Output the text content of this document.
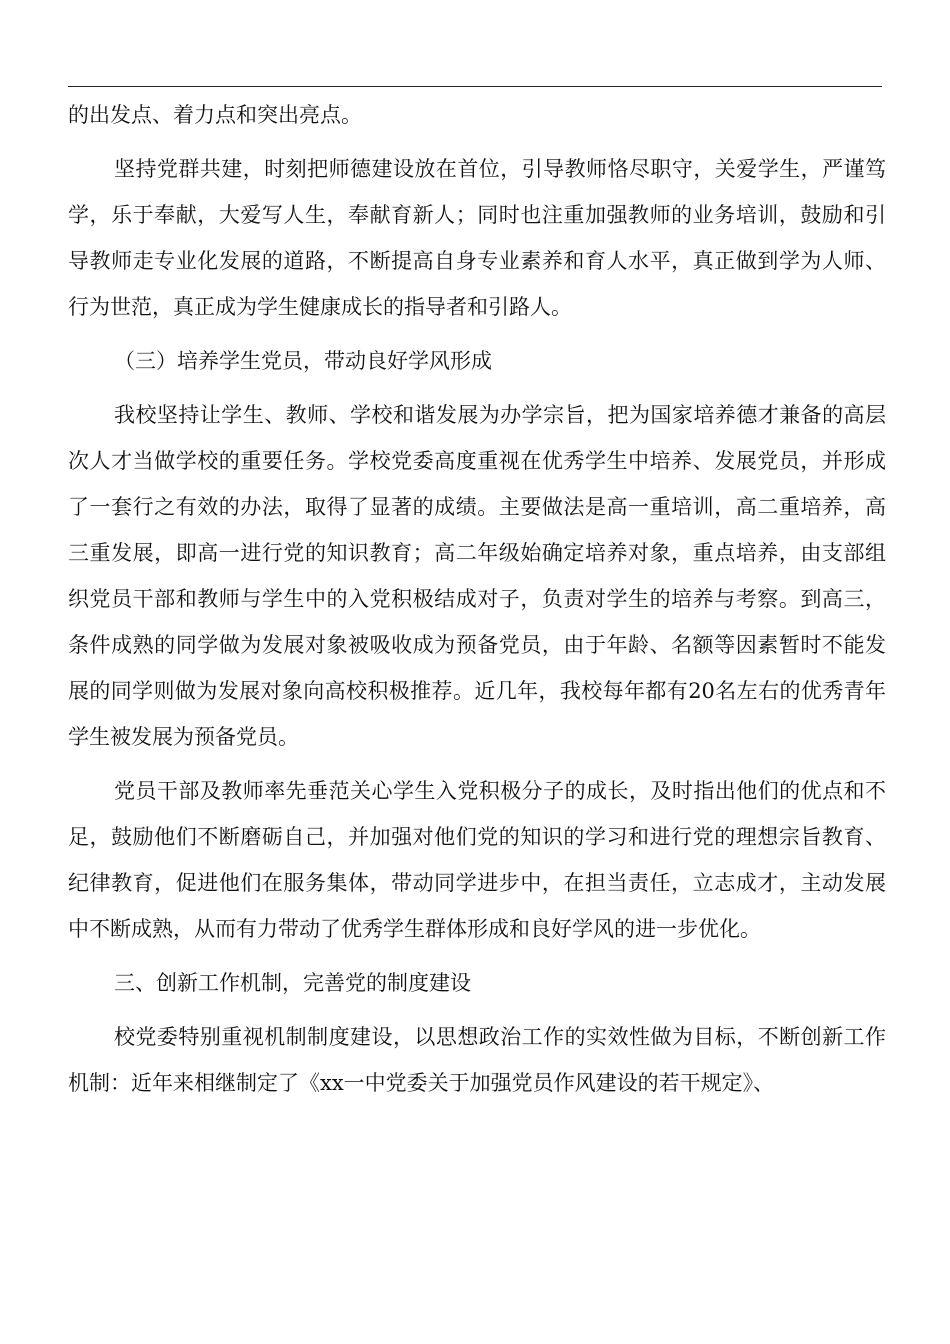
的出发点、着力点和突出亮点。

坚持党群共建，时刻把师德建设放在首位，引导教师恪尽职守，关爱学生，严谨笃学，乐于奉献，大爱写人生，奉献育新人；同时也注重加强教师的业务培训，鼓励和引导教师走专业化发展的道路，不断提高自身专业素养和育人水平，真正做到学为人师、行为世范，真正成为学生健康成长的指导者和引路人。

（三）培养学生党员，带动良好学风形成

我校坚持让学生、教师、学校和谐发展为办学宗旨，把为国家培养德才兼备的高层次人才当做学校的重要任务。学校党委高度重视在优秀学生中培养、发展党员，并形成了一套行之有效的办法，取得了显著的成绩。主要做法是高一重培训，高二重培养，高三重发展，即高一进行党的知识教育；高二年级始确定培养对象，重点培养，由支部组织党员干部和教师与学生中的入党积极结成对子，负责对学生的培养与考察。到高三，条件成熟的同学做为发展对象被吸收成为预备党员，由于年龄、名额等因素暂时不能发展的同学则做为发展对象向高校积极推荐。近几年，我校每年都有20名左右的优秀青年学生被发展为预备党员。

党员干部及教师率先垂范关心学生入党积极分子的成长，及时指出他们的优点和不足，鼓励他们不断磨砺自己，并加强对他们党的知识的学习和进行党的理想宗旨教育、纪律教育，促进他们在服务集体，带动同学进步中，在担当责任，立志成才，主动发展中不断成熟，从而有力带动了优秀学生群体形成和良好学风的进一步优化。

三、创新工作机制，完善党的制度建设

校党委特别重视机制制度建设，以思想政治工作的实效性做为目标，不断创新工作机制：近年来相继制定了《xx一中党委关于加强党员作风建设的若干规定》、
